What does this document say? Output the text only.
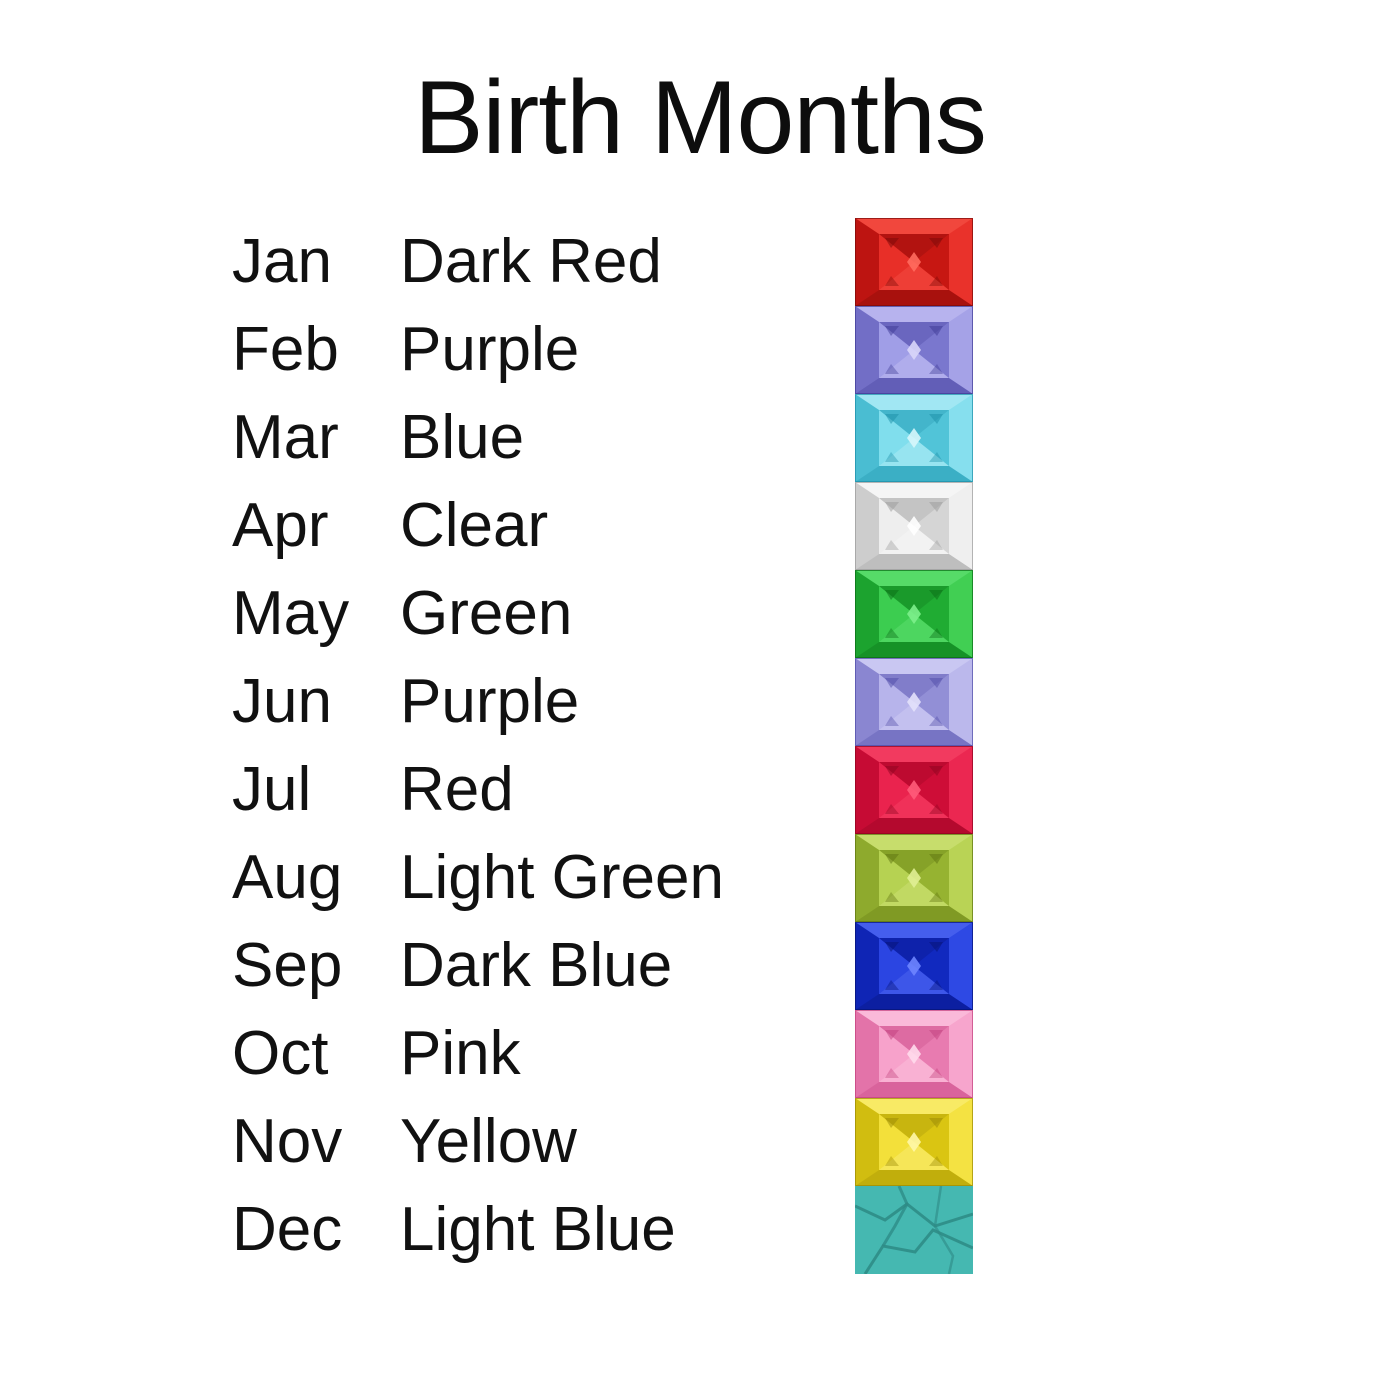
Birth Months
Jan	Dark Red
Feb Purple
Mar Blue
Apr	Clear
May Green
Jun	Purple
Jul	Red
Aug Light Green
Sep Dark Blue
Oct	Pink
Nov Yellow
Dec Light Blue
